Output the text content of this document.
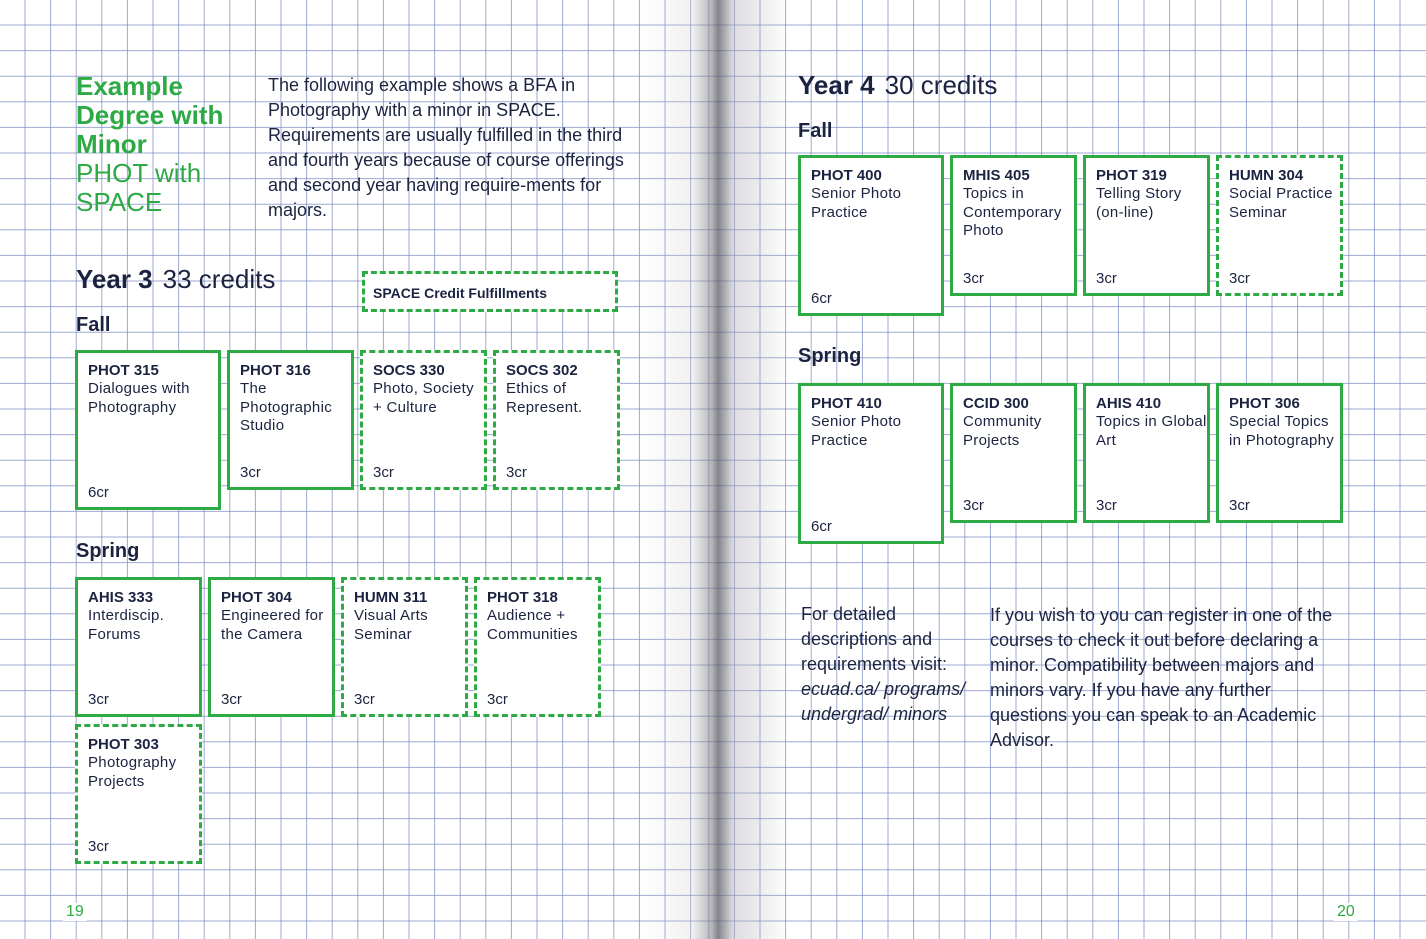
Example Degree with Minor
PHOT with SPACE
The following example shows a BFA in Photography with a minor in SPACE. Requirements are usually fulfilled in the third and fourth years because of course offerings and second year having require-ments for majors.
Year 3 33 credits	SPACE Credit Fulfillments
Fall
Spring
PHOT 315
Dialogues with Photography
6cr
PHOT 316
The Photographic Studio
3cr
SOCS 330
Photo, Society + Culture
3cr
SOCS 302
Ethics of Represent.
3cr
AHIS 333
Interdiscip. Forums
3cr
PHOT 304
Engineered for the Camera
3cr
HUMN 311
Visual Arts Seminar
3cr
PHOT 318
Audience + Communities
3cr
PHOT 303
Photography Projects
3cr
19
Year 4 30 credits
Fall
Spring
PHOT 400
Senior Photo Practice
6cr
MHIS 405
Topics in Contemporary Photo
3cr
PHOT 319
Telling Story (on-line)
3cr
HUMN 304
Social Practice Seminar
3cr
PHOT 410
Senior Photo Practice
6cr
CCID 300
Community Projects
3cr
AHIS 410
Topics in Global Art
3cr
PHOT 306
Special Topics in Photography
3cr
For detailed descriptions and requirements visit:
ecuad.ca/ programs/ undergrad/ minors
If you wish to you can register in one of the courses to check it out before declaring a minor. Compatibility between majors and minors vary. If you have any further questions you can speak to an Academic Advisor.
20
